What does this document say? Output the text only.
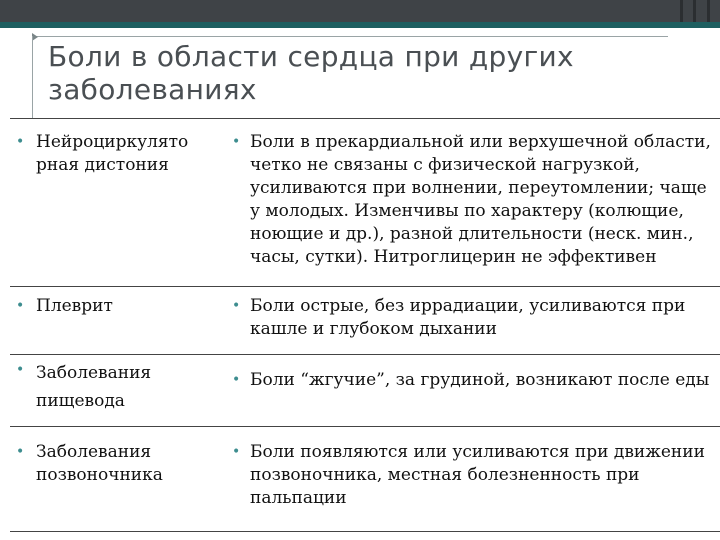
Боли в области сердца при других заболеваниях
• Нейроциркулято рная дистония
• Боли в прекардиальной или верхушечной области, четко не связаны с физической нагрузкой, усиливаются при волнении, переутомлении; чаще у молодых. Изменчивы по характеру (колющие, ноющие и др.), разной длительности (неск. мин., часы, сутки). Нитроглицерин не эффективен
• Плеврит	• Боли острые, без иррадиации, усиливаются при кашле и глубоком дыхании
• Заболевания пищевода
• Боли “жгучие”, за грудиной, возникают после еды
• Заболевания позвоночника
• Боли появляются или усиливаются при движении позвоночника, местная болезненность при пальпации
